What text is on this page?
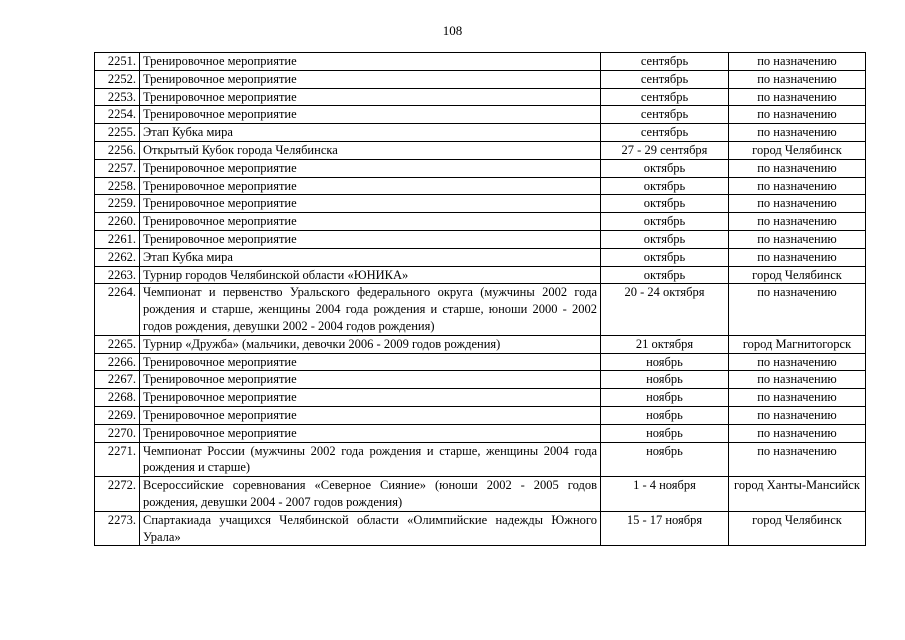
108
2251.	Тренировочное мероприятие	сентябрь	по назначению
2252.	Тренировочное мероприятие	сентябрь	по назначению
2253.	Тренировочное мероприятие	сентябрь	по назначению
2254.	Тренировочное мероприятие	сентябрь	по назначению
2255.	Этап Кубка мира	сентябрь	по назначению
2256.	Открытый Кубок города Челябинска	27 - 29 сентября	город Челябинск
2257.	Тренировочное мероприятие	октябрь	по назначению
2258.	Тренировочное мероприятие	октябрь	по назначению
2259.	Тренировочное мероприятие	октябрь	по назначению
2260.	Тренировочное мероприятие	октябрь	по назначению
2261.	Тренировочное мероприятие	октябрь	по назначению
2262.	Этап Кубка мира	октябрь	по назначению
2263.	Турнир городов Челябинской области «ЮНИКА»	октябрь	город Челябинск
2264.	Чемпионат и первенство Уральского федерального округа (мужчины 2002 года рождения и старше, женщины 2004 года рождения и старше, юноши 2000 - 2002 годов рождения, девушки 2002 - 2004 годов рождения)	20 - 24 октября	по назначению
2265.	Турнир «Дружба» (мальчики, девочки 2006 - 2009 годов рождения)	21 октября	город Магнитогорск
2266.	Тренировочное мероприятие	ноябрь	по назначению
2267.	Тренировочное мероприятие	ноябрь	по назначению
2268.	Тренировочное мероприятие	ноябрь	по назначению
2269.	Тренировочное мероприятие	ноябрь	по назначению
2270.	Тренировочное мероприятие	ноябрь	по назначению
2271.	Чемпионат России (мужчины 2002 года рождения и старше, женщины 2004 года рождения и старше)	ноябрь	по назначению
2272.	Всероссийские соревнования «Северное Сияние» (юноши 2002 - 2005 годов рождения, девушки 2004 - 2007 годов рождения)	1 - 4 ноября	город Ханты-Мансийск
2273.	Спартакиада учащихся Челябинской области «Олимпийские надежды Южного Урала»	15 - 17 ноября	город Челябинск
